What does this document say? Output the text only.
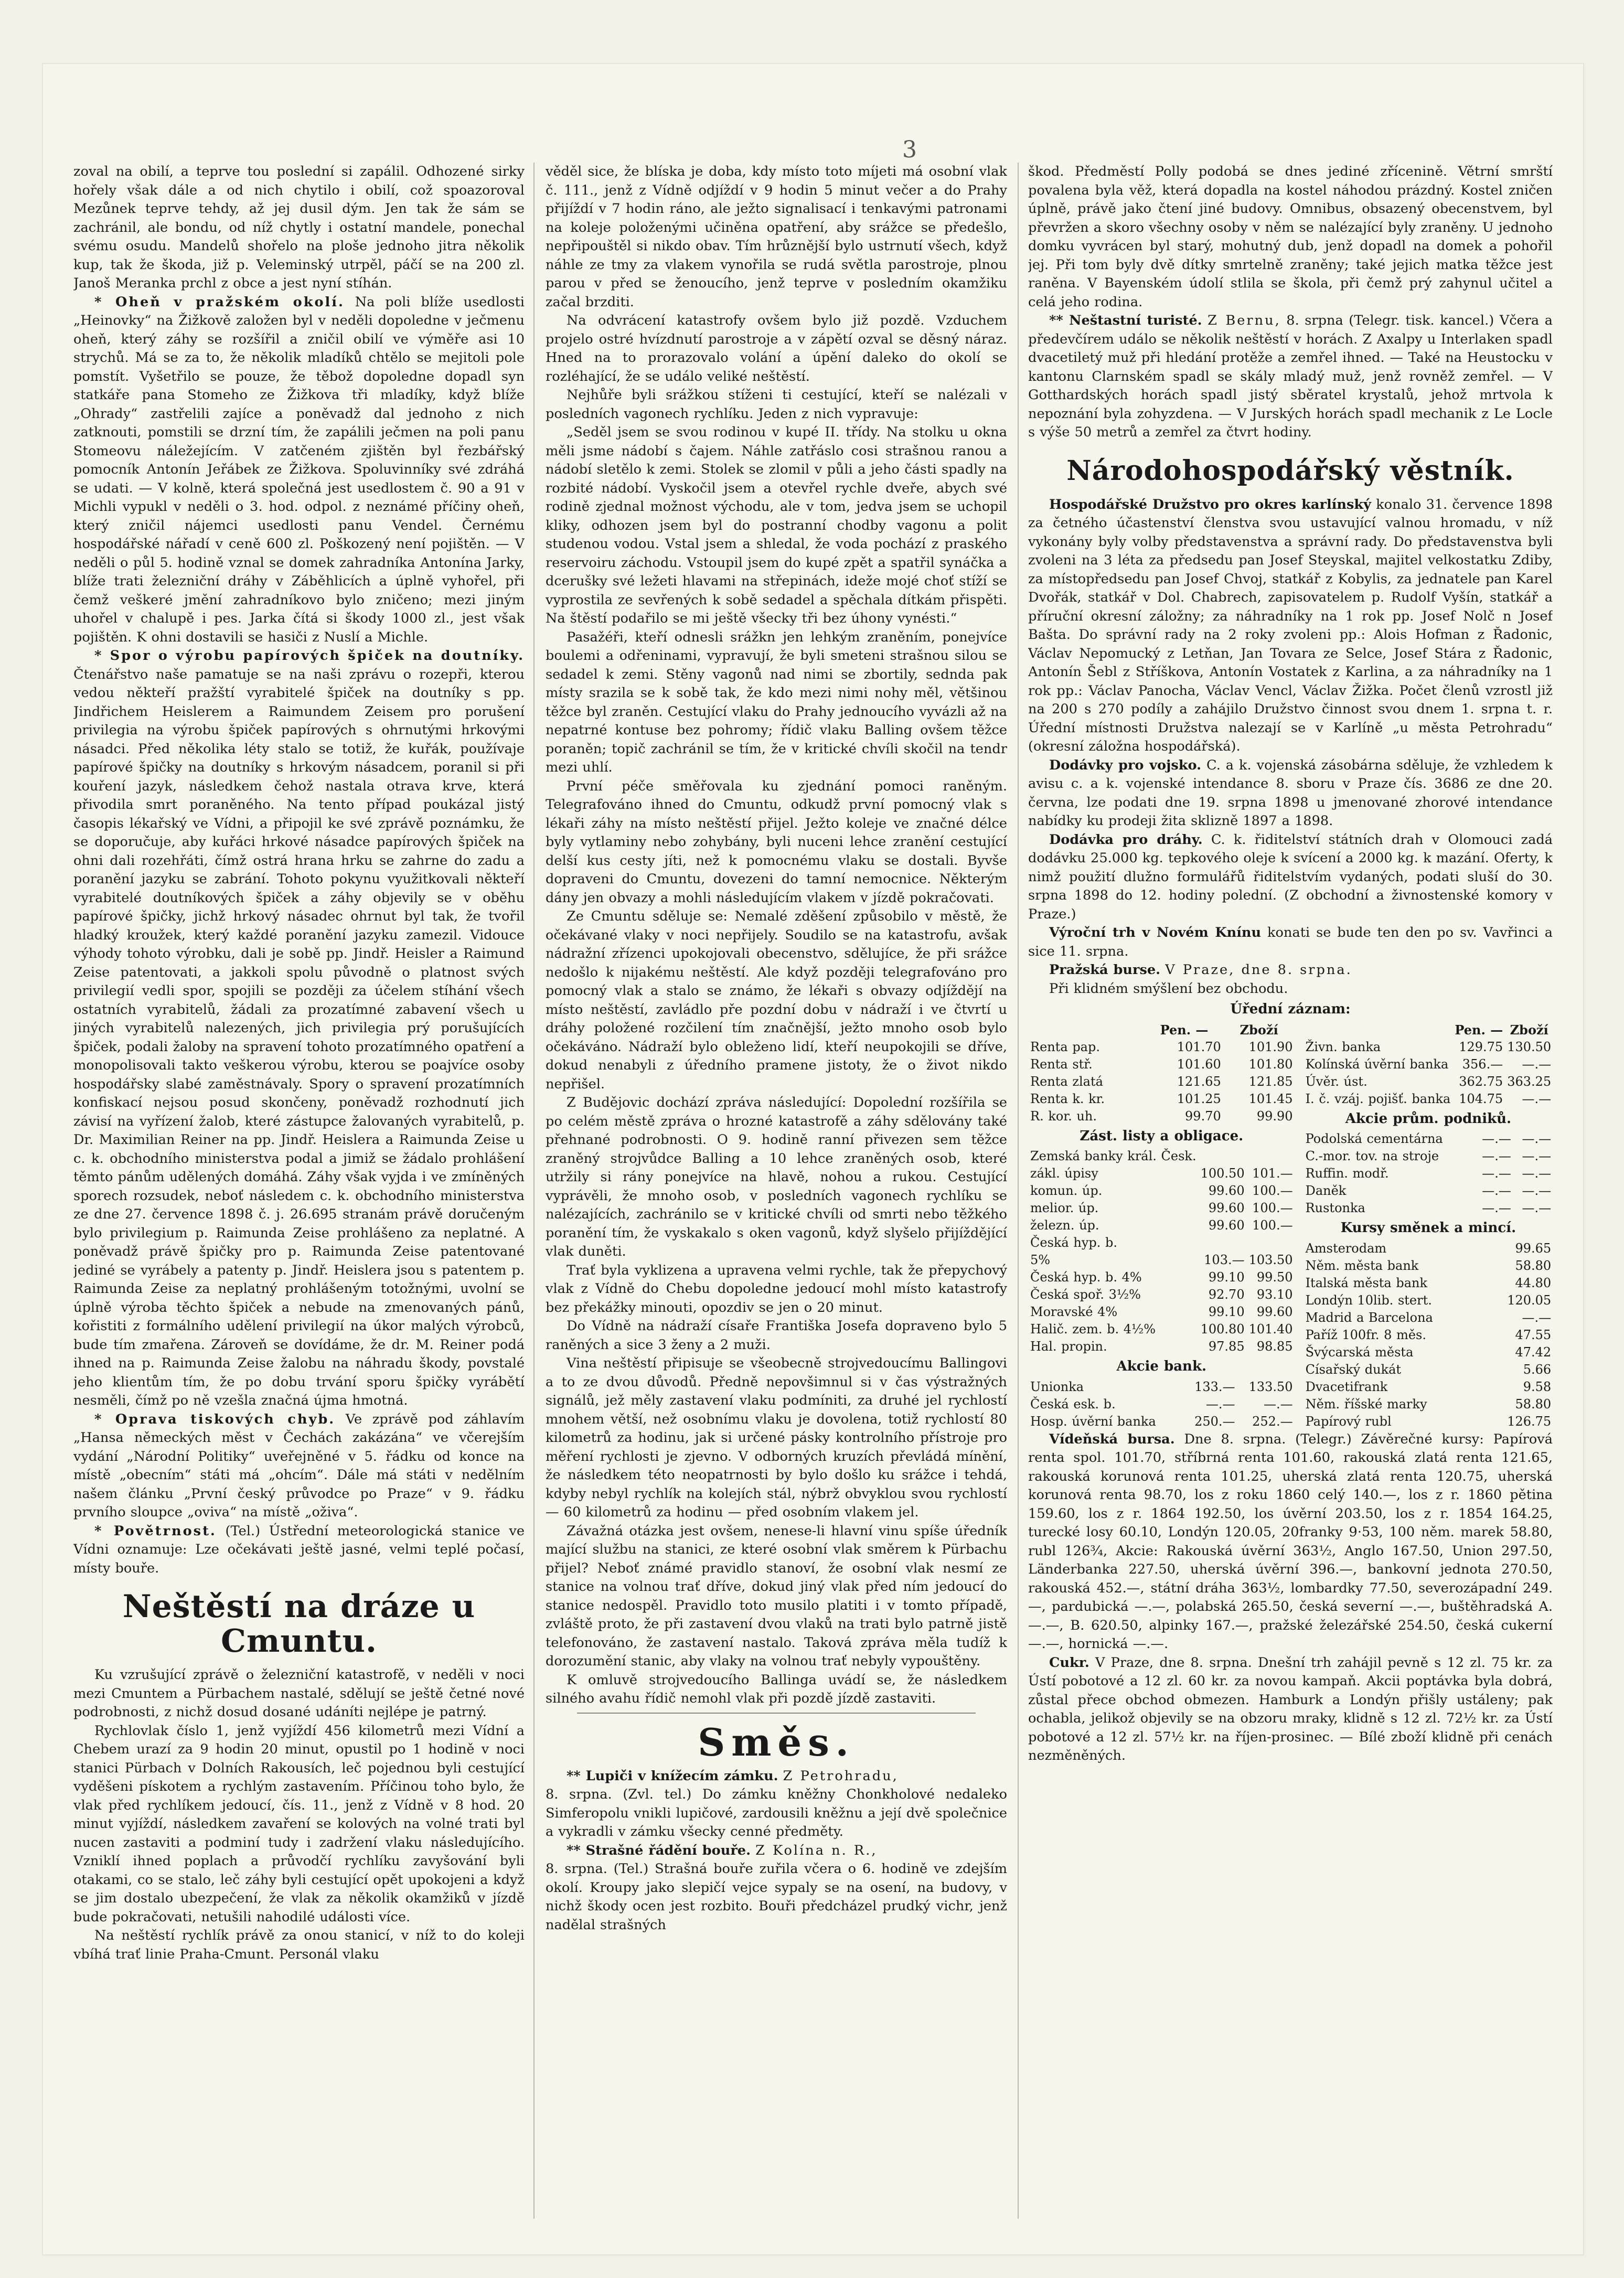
3

zoval na obilí, a teprve tou poslední si zapálil. Odhozené sirky hořely však dále a od nich chytilo i obilí, což spoazoroval Mezůnek teprve tehdy, až jej dusil dým. Jen tak že sám se zachránil, ale bondu, od níž chytly i ostatní mandele, ponechal svému osudu. Mandelů shořelo na ploše jednoho jitra několik kup, tak že škoda, již p. Veleminský utrpěl, páčí se na 200 zl. Janoš Meranka prchl z obce a jest nyní stíhán.

* Oheň v pražském okolí. Na poli blíže usedlosti „Heinovky“ na Žižkově založen byl v neděli dopoledne v ječmenu oheň, který záhy se rozšířil a zničil obilí ve výměře asi 10 strychů. Má se za to, že několik mladíků chtělo se mejitoli pole pomstít. Vyšetřilo se pouze, že těbož dopoledne dopadl syn statkáře pana Stomeho ze Žižkova tři mladíky, když blíže „Ohrady“ zastřelili zajíce a poněvadž dal jednoho z nich zatknouti, pomstili se drzní tím, že zapálili ječmen na poli panu Stomeovu náležejícím. V zatčeném zjištěn byl řezbářský pomocník Antonín Jeřábek ze Žižkova. Spoluvinníky své zdráhá se udati. — V kolně, která společná jest usedlostem č. 90 a 91 v Michli vypukl v neděli o 3. hod. odpol. z neznámé příčiny oheň, který zničil nájemci usedlosti panu Vendel. Černému hospodářské nářadí v ceně 600 zl. Poškozený není pojištěn. — V neděli o půl 5. hodině vznal se domek zahradníka Antonína Jarky, blíže trati železniční dráhy v Záběhlicích a úplně vyhořel, při čemž veškeré jmění zahradníkovo bylo zničeno; mezi jiným uhořel v chalupě i pes. Jarka čítá si škody 1000 zl., jest však pojištěn. K ohni dostavili se hasiči z Nuslí a Michle.

* Spor o výrobu papírových špiček na doutníky. Čtenářstvo naše pamatuje se na naši zprávu o rozepři, kterou vedou někteří pražští vyrabitelé špiček na doutníky s pp. Jindřichem Heislerem a Raimundem Zeisem pro porušení privilegia na výrobu špiček papírových s ohrnutými hrkovými násadci. Před několika léty stalo se totiž, že kuřák, používaje papírové špičky na doutníky s hrkovým násadcem, poranil si při kouření jazyk, následkem čehož nastala otrava krve, která přivodila smrt poraněného. Na tento případ poukázal jistý časopis lékařský ve Vídni, a připojil ke své zprávě poznámku, že se doporučuje, aby kuřáci hrkové násadce papírových špiček na ohni dali rozehřáti, čímž ostrá hrana hrku se zahrne do zadu a poranění jazyku se zabrání. Tohoto pokynu využitkovali někteří vyrabitelé doutníkových špiček a záhy objevily se v oběhu papírové špičky, jichž hrkový násadec ohrnut byl tak, že tvořil hladký kroužek, který každé poranění jazyku zamezil. Vidouce výhody tohoto výrobku, dali je sobě pp. Jindř. Heisler a Raimund Zeise patentovati, a jakkoli spolu původně o platnost svých privilegií vedli spor, spojili se později za účelem stíhání všech ostatních vyrabitelů, žádali za prozatímné zabavení všech u jiných vyrabitelů nalezených, jich privilegia prý porušujících špiček, podali žaloby na spravení tohoto prozatímného opatření a monopolisovali takto veškerou výrobu, kterou se poajvíce osoby hospodářsky slabé zaměstnávaly. Spory o spravení prozatímních konfiskací nejsou posud skončeny, poněvadž rozhodnutí jich závisí na vyřízení žalob, které zástupce žalovaných vyrabitelů, p. Dr. Maximilian Reiner na pp. Jindř. Heislera a Raimunda Zeise u c. k. obchodního ministerstva podal a jimiž se žádalo prohlášení těmto pánům udělených domáhá. Záhy však vyjda i ve zmíněných sporech rozsudek, neboť následem c. k. obchodního ministerstva ze dne 27. července 1898 č. j. 26.695 stranám právě doručeným bylo privilegium p. Raimunda Zeise prohlášeno za neplatné. A poněvadž právě špičky pro p. Raimunda Zeise patentované jediné se vyrábely a patenty p. Jindř. Heislera jsou s patentem p. Raimunda Zeise za neplatný prohlášeným totožnými, uvolní se úplně výroba těchto špiček a nebude na zmenovaných pánů, kořistiti z formálního udělení privilegií na úkor malých výrobců, bude tím zmařena. Zároveň se dovídáme, že dr. M. Reiner podá ihned na p. Raimunda Zeise žalobu na náhradu škody, povstalé jeho klientům tím, že po dobu trvání sporu špičky vyrábětí nesměli, čímž po ně vzešla značná újma hmotná.

* Oprava tiskových chyb. Ve zprávě pod záhlavím „Hansa německých měst v Čechách zakázána“ ve včerejším vydání „Národní Politiky“ uveřejněné v 5. řádku od konce na místě „obecním“ státi má „ohcím“. Dále má státi v nedělním našem článku „První český průvodce po Praze“ v 9. řádku prvního sloupce „oviva“ na místě „oživa“.

* Povětrnost. (Tel.) Ústřední meteorologická stanice ve Vídni oznamuje: Lze očekávati ještě jasné, velmi teplé počasí, místy bouře.

Neštěstí na dráze u Cmuntu.

Ku vzrušující zprávě o železniční katastrofě, v neděli v noci mezi Cmuntem a Pürbachem nastalé, sdělují se ještě četné nové podrobnosti, z nichž dosud dosané udáníti nejlépe je patrný.

Rychlovlak číslo 1, jenž vyjíždí 456 kilometrů mezi Vídní a Chebem urazí za 9 hodin 20 minut, opustil po 1 hodině v noci stanici Pürbach v Dolních Rakousích, leč pojednou byli cestující vyděšeni pískotem a rychlým zastavením. Příčinou toho bylo, že vlak před rychlíkem jedoucí, čís. 11., jenž z Vídně v 8 hod. 20 minut vyjíždí, následkem zavaření se kolových na volné trati byl nucen zastaviti a podminí tudy i zadržení vlaku následujícího. Vzniklí ihned poplach a průvodčí rychlíku zavyšování byli otakami, co se stalo, leč záhy byli cestující opět upokojeni a když se jim dostalo ubezpečení, že vlak za několik okamžiků v jízdě bude pokračovati, netušili nahodilé události více.

Na neštěstí rychlík právě za onou stanicí, v níž to do koleji vbíhá trať linie Praha-Cmunt. Personál vlaku

věděl sice, že blíska je doba, kdy místo toto míjeti má osobní vlak č. 111., jenž z Vídně odjíždí v 9 hodin 5 minut večer a do Prahy přijíždí v 7 hodin ráno, ale ježto signalisací i tenkavými patronami na koleje položenými učiněna opatření, aby srážce se předešlo, nepřipouštěl si nikdo obav. Tím hrůznější bylo ustrnutí všech, když náhle ze tmy za vlakem vynořila se rudá světla parostroje, plnou parou v před se ženoucího, jenž teprve v posledním okamžiku začal brzditi.

Na odvrácení katastrofy ovšem bylo již pozdě. Vzduchem projelo ostré hvízdnutí parostroje a v zápětí ozval se děsný náraz. Hned na to prorazovalo volání a úpění daleko do okolí se rozléhající, že se událo veliké neštěstí.

Nejhůře byli srážkou stíženi ti cestující, kteří se nalézali v posledních vagonech rychlíku. Jeden z nich vypravuje:

„Seděl jsem se svou rodinou v kupé II. třídy. Na stolku u okna měli jsme nádobí s čajem. Náhle zatřáslo cosi strašnou ranou a nádobí sletělo k zemi. Stolek se zlomil v půli a jeho části spadly na rozbité nádobí. Vyskočil jsem a otevřel rychle dveře, abych své rodině zjednal možnost východu, ale v tom, jedva jsem se uchopil kliky, odhozen jsem byl do postranní chodby vagonu a polit studenou vodou. Vstal jsem a shledal, že voda pochází z praského reservoiru záchodu. Vstoupil jsem do kupé zpět a spatřil synáčka a dcerušky své ležeti hlavami na střepinách, ideže mojé choť stíží se vyprostila ze sevřených k sobě sedadel a spěchala dítkám přispěti. Na štěstí podařilo se mi ještě všecky tři bez úhony vynésti.“

Pasažéři, kteří odnesli srážkn jen lehkým zraněním, ponejvíce boulemi a odřeninami, vypravují, že byli smeteni strašnou silou se sedadel k zemi. Stěny vagonů nad nimi se zbortily, sednda pak místy srazila se k sobě tak, že kdo mezi nimi nohy měl, většinou těžce byl zraněn. Cestující vlaku do Prahy jednoucího vyvázli až na nepatrné kontuse bez pohromy; řídič vlaku Balling ovšem těžce poraněn; topič zachránil se tím, že v kritické chvíli skočil na tendr mezi uhlí.

První péče směřovala ku zjednání pomoci raněným. Telegrafováno ihned do Cmuntu, odkudž první pomocný vlak s lékaři záhy na místo neštěstí přijel. Ježto koleje ve značné délce byly vytlaminy nebo zohybány, byli nuceni lehce zranění cestující delší kus cesty jíti, než k pomocnému vlaku se dostali. Byvše dopraveni do Cmuntu, dovezeni do tamní nemocnice. Některým dány jen obvazy a mohli následujícím vlakem v jízdě pokračovati.

Ze Cmuntu sděluje se: Nemalé zděšení způsobilo v městě, že očekávané vlaky v noci nepřijely. Soudilo se na katastrofu, avšak nádražní zřízenci upokojovali obecenstvo, sdělujíce, že při srážce nedošlo k nijakému neštěstí. Ale když později telegrafováno pro pomocný vlak a stalo se známo, že lékaři s obvazy odjíždějí na místo neštěstí, zavládlo pře pozdní dobu v nádraží i ve čtvrtí u dráhy položené rozčilení tím značnější, ježto mnoho osob bylo očekáváno. Nádraží bylo obleženo lidí, kteří neupokojili se dříve, dokud nenabyli z úředního pramene jistoty, že o život nikdo nepřišel.

Z Budějovic dochází zpráva následující: Dopolední rozšířila se po celém městě zpráva o hrozné katastrofě a záhy sdělovány také přehnané podrobnosti. O 9. hodině ranní přivezen sem těžce zraněný strojvůdce Balling a 10 lehce zraněných osob, které utržily si rány ponejvíce na hlavě, nohou a rukou. Cestující vyprávěli, že mnoho osob, v posledních vagonech rychlíku se nalézajících, zachránilo se v kritické chvíli od smrti nebo těžkého poranění tím, že vyskakalo s oken vagonů, když slyšelo přijíždějící vlak duněti.

Trať byla vyklizena a upravena velmi rychle, tak že přepychový vlak z Vídně do Chebu dopoledne jedoucí mohl místo katastrofy bez překážky minouti, opozdiv se jen o 20 minut.

Do Vídně na nádraží císaře Františka Josefa dopraveno bylo 5 raněných a sice 3 ženy a 2 muži.

Vina neštěstí připisuje se všeobecně strojvedoucímu Ballingovi a to ze dvou důvodů. Předně nepovšimnul si v čas výstražných signálů, jež měly zastavení vlaku podmíniti, za druhé jel rychlostí mnohem větší, než osobnímu vlaku je dovolena, totiž rychlostí 80 kilometrů za hodinu, jak si určené pásky kontrolního přístroje pro měření rychlosti je zjevno. V odborných kruzích převládá mínění, že následkem této neopatrnosti by bylo došlo ku srážce i tehdá, kdyby nebyl rychlík na kolejích stál, nýbrž obvyklou svou rychlostí — 60 kilometrů za hodinu — před osobním vlakem jel.

Závažná otázka jest ovšem, nenese-li hlavní vinu spíše úředník mající službu na stanici, ze které osobní vlak směrem k Pürbachu přijel? Neboť známé pravidlo stanoví, že osobní vlak nesmí ze stanice na volnou trať dříve, dokud jiný vlak před ním jedoucí do stanice nedospěl. Pravidlo toto musilo platiti i v tomto případě, zvláště proto, že při zastavení dvou vlaků na trati bylo patrně jistě telefonováno, že zastavení nastalo. Taková zpráva měla tudíž k dorozumění stanic, aby vlaky na volnou trať nebyly vypouštěny.

K omluvě strojvedoucího Ballinga uvádí se, že následkem silného avahu řídič nemohl vlak při pozdě jízdě zastaviti.

Směs.

** Lupiči v knížecím zámku. Z Petrohradu,

8. srpna. (Zvl. tel.) Do zámku kněžny Chonkholové nedaleko Simferopolu vnikli lupičové, zardousili kněžnu a její dvě společnice a vykradli v zámku všecky cenné předměty.

** Strašné řádění bouře. Z Kolína n. R.,

8. srpna. (Tel.) Strašná bouře zuřila včera o 6. hodině ve zdejším okolí. Kroupy jako slepičí vejce sypaly se na osení, na budovy, v nichž škody ocen jest rozbito. Bouři předcházel prudký vichr, jenž nadělal strašných

škod. Předměstí Polly podobá se dnes jediné zřícenině. Větrní smrští povalena byla věž, která dopadla na kostel náhodou prázdný. Kostel zničen úplně, právě jako čtení jiné budovy. Omnibus, obsazený obecenstvem, byl převržen a skoro všechny osoby v něm se nalézající byly zraněny. U jednoho domku vyvrácen byl starý, mohutný dub, jenž dopadl na domek a pohořil jej. Při tom byly dvě dítky smrtelně zraněny; také jejich matka těžce jest raněna. V Bayenském údolí stlila se škola, při čemž prý zahynul učitel a celá jeho rodina.

** Neštastní turisté. Z Bernu, 8. srpna (Telegr. tisk. kancel.) Včera a předevčírem událo se několik neštěstí v horách. Z Axalpy u Interlaken spadl dvacetiletý muž při hledání protěže a zemřel ihned. — Také na Heustocku v kantonu Clarnském spadl se skály mladý muž, jenž rovněž zemřel. — V Gotthardských horách spadl jistý sběratel krystalů, jehož mrtvola k nepoznání byla zohyzdena. — V Jurských horách spadl mechanik z Le Locle s výše 50 metrů a zemřel za čtvrt hodiny.

Národohospodářský věstník.

Hospodářské Družstvo pro okres karlínský konalo 31. července 1898 za četného účastenství členstva svou ustavující valnou hromadu, v níž vykonány byly volby představenstva a správní rady. Do představenstva byli zvoleni na 3 léta za předsedu pan Josef Steyskal, majitel velkostatku Zdiby, za místopředsedu pan Josef Chvoj, statkář z Kobylis, za jednatele pan Karel Dvořák, statkář v Dol. Chabrech, zapisovatelem p. Rudolf Vyšín, statkář a příruční okresní záložny; za náhradníky na 1 rok pp. Josef Nolč n Josef Bašta. Do správní rady na 2 roky zvoleni pp.: Alois Hofman z Řadonic, Václav Nepomucký z Letňan, Jan Tovara ze Selce, Josef Stára z Řadonic, Antonín Šebl z Stříškova, Antonín Vostatek z Karlina, a za náhradníky na 1 rok pp.: Václav Panocha, Václav Vencl, Václav Žižka. Počet členů vzrostl již na 200 s 270 podíly a zahájilo Družstvo činnost svou dnem 1. srpna t. r. Úřední místnosti Družstva nalezají se v Karlíně „u města Petrohradu“ (okresní záložna hospodářská).

Dodávky pro vojsko. C. a k. vojenská zásobárna sděluje, že vzhledem k avisu c. a k. vojenské intendance 8. sboru v Praze čís. 3686 ze dne 20. června, lze podati dne 19. srpna 1898 u jmenované zhorové intendance nabídky ku prodeji žita sklizně 1897 a 1898.

Dodávka pro dráhy. C. k. řiditelství státních drah v Olomouci zadá dodávku 25.000 kg. tepkového oleje k svícení a 2000 kg. k mazání. Oferty, k nimž použití dlužno formulářů řiditelstvím vydaných, podati sluší do 30. srpna 1898 do 12. hodiny polední. (Z obchodní a živnostenské komory v Praze.)

Výroční trh v Novém Knínu konati se bude ten den po sv. Vavřinci a sice 11. srpna.

Pražská burse. V Praze, dne 8. srpna.

Při klidném smýšlení bez obchodu.

Úřední záznam:
	Pen. —	Zboží
Renta pap.	101.70	101.90
Renta stř.	101.60	101.80
Renta zlatá	121.65	121.85
Renta k. kr.	101.25	101.45
R. kor. uh.	99.70	99.90
Zást. listy a obligace.
Zemská banky král. Česk.		
zákl. úpisy	100.50	101.—
komun. úp.	99.60	100.—
melior. úp.	99.60	100.—
železn. úp.	99.60	100.—
Česká hyp. b.		
5%	103.—	103.50
Česká hyp. b. 4%	99.10	99.50
Česká spoř. 3½%	92.70	93.10
Moravské 4%	99.10	99.60
Halič. zem. b. 4½%	100.80	101.40
Hal. propin.	97.85	98.85
Akcie bank.
Unionka	133.—	133.50
Česká esk. b.	—.—	—.—
Hosp. úvěrní banka	250.—	252.—
	Pen. —	Zboží
Živn. banka	129.75	130.50
Kolínská úvěrní banka	356.—	—.—
Úvěr. úst.	362.75	363.25
I. č. vzáj. pojišť. banka	104.75	—.—
Akcie prům. podniků.
Podolská cementárna	—.—	—.—
C.-mor. tov. na stroje	—.—	—.—
Ruffin. modř.	—.—	—.—
Daněk	—.—	—.—
Rustonka	—.—	—.—
Kursy směnek a mincí.
Amsterodam	99.65
Něm. města bank	58.80
Italská města bank	44.80
Londýn 10lib. stert.	120.05
Madrid a Barcelona	—.—
Paříž 100fr. 8 měs.	47.55
Švýcarská města	47.42
Císařský dukát	5.66
Dvacetifrank	9.58
Něm. říšské marky	58.80
Papírový rubl	126.75

Vídeňská bursa. Dne 8. srpna. (Telegr.) Závěrečné kursy: Papírová renta spol. 101.70, stříbrná renta 101.60, rakouská zlatá renta 121.65, rakouská korunová renta 101.25, uherská zlatá renta 120.75, uherská korunová renta 98.70, los z roku 1860 celý 140.—, los z r. 1860 pětina 159.60, los z r. 1864 192.50, los úvěrní 203.50, los z r. 1854 164.25, turecké losy 60.10, Londýn 120.05, 20franky 9·53, 100 něm. marek 58.80, rubl 126¾, Akcie: Rakouská úvěrní 363½, Anglo 167.50, Union 297.50, Länderbanka 227.50, uherská úvěrní 396.—, bankovní jednota 270.50, rakouská 452.—, státní dráha 363½, lombardky 77.50, severozápadní 249.—, pardubická —.—, polabská 265.50, česká severní —.—, buštěhradská A. —.—, B. 620.50, alpinky 167.—, pražské železářské 254.50, česká cukerní —.—, hornická —.—.

Cukr. V Praze, dne 8. srpna. Dnešní trh zahájil pevně s 12 zl. 75 kr. za Ústí pobotové a 12 zl. 60 kr. za novou kampaň. Akcii poptávka byla dobrá, zůstal přece obchod obmezen. Hamburk a Londýn přišly ustáleny; pak ochabla, jelikož objevily se na obzoru mraky, klidně s 12 zl. 72½ kr. za Ústí pobotové a 12 zl. 57½ kr. na říjen-prosinec. — Bílé zboží klidně při cenách nezměněných.
